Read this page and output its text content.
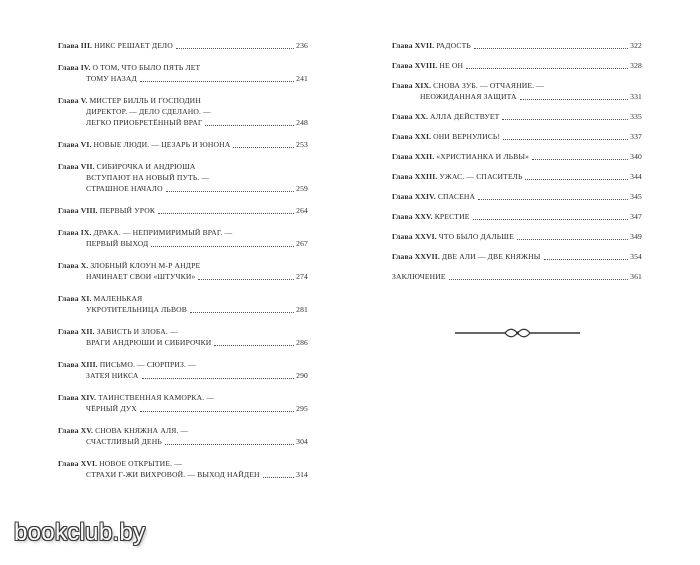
Глава III. НИКС РЕШАЕТ ДЕЛО	236
Глава IV. О ТОМ, ЧТО БЫЛО ПЯТЬ ЛЕТ
ТОМУ НАЗАД	241
Глава V. МИСТЕР БИЛЛЬ И ГОСПОДИН
ДИРЕКТОР. — ДЕЛО СДЕЛАНО. —
ЛЕГКО ПРИОБРЕТЁННЫЙ ВРАГ	248
Глава VI. НОВЫЕ ЛЮДИ. — ЦЕЗАРЬ И ЮНОНА	253
Глава VII. СИБИРОЧКА И АНДРЮША
ВСТУПАЮТ НА НОВЫЙ ПУТЬ. —
СТРАШНОЕ НАЧАЛО	259
Глава VIII. ПЕРВЫЙ УРОК	264
Глава IX. ДРАКА. — НЕПРИМИРИМЫЙ ВРАГ. —
ПЕРВЫЙ ВЫХОД	267
Глава X. ЗЛОБНЫЙ КЛОУН М-Р АНДРЕ
НАЧИНАЕТ СВОИ «ШТУЧКИ»	274
Глава XI. МАЛЕНЬКАЯ
УКРОТИТЕЛЬНИЦА ЛЬВОВ	281
Глава XII. ЗАВИСТЬ И ЗЛОБА. —
ВРАГИ АНДРЮШИ И СИБИРОЧКИ	286
Глава XIII. ПИСЬМО. — СЮРПРИЗ. —
ЗАТЕЯ НИКСА	290
Глава XIV. ТАИНСТВЕННАЯ КАМОРКА. —
ЧЁРНЫЙ ДУХ	295
Глава XV. СНОВА КНЯЖНА АЛЯ. —
СЧАСТЛИВЫЙ ДЕНЬ	304
Глава XVI. НОВОЕ ОТКРЫТИЕ. —
СТРАХИ Г-ЖИ ВИХРОВОЙ. — ВЫХОД НАЙДЕН	314
Глава XVII. РАДОСТЬ	322
Глава XVIII. НЕ ОН	328
Глава XIX. СНОВА ЗУБ. — ОТЧАЯНИЕ. —
НЕОЖИДАННАЯ ЗАЩИТА	331
Глава XX. АЛЛА ДЕЙСТВУЕТ	335
Глава XXI. ОНИ ВЕРНУЛИСЬ!	337
Глава XXII. «ХРИСТИАНКА И ЛЬВЫ»	340
Глава XXIII. УЖАС. — СПАСИТЕЛЬ	344
Глава XXIV. СПАСЕНА	345
Глава XXV. КРЕСТИЕ	347
Глава XXVI. ЧТО БЫЛО ДАЛЬШЕ	349
Глава XXVII. ДВЕ АЛИ — ДВЕ КНЯЖНЫ	354
ЗАКЛЮЧЕНИЕ	361
bookclub.by
